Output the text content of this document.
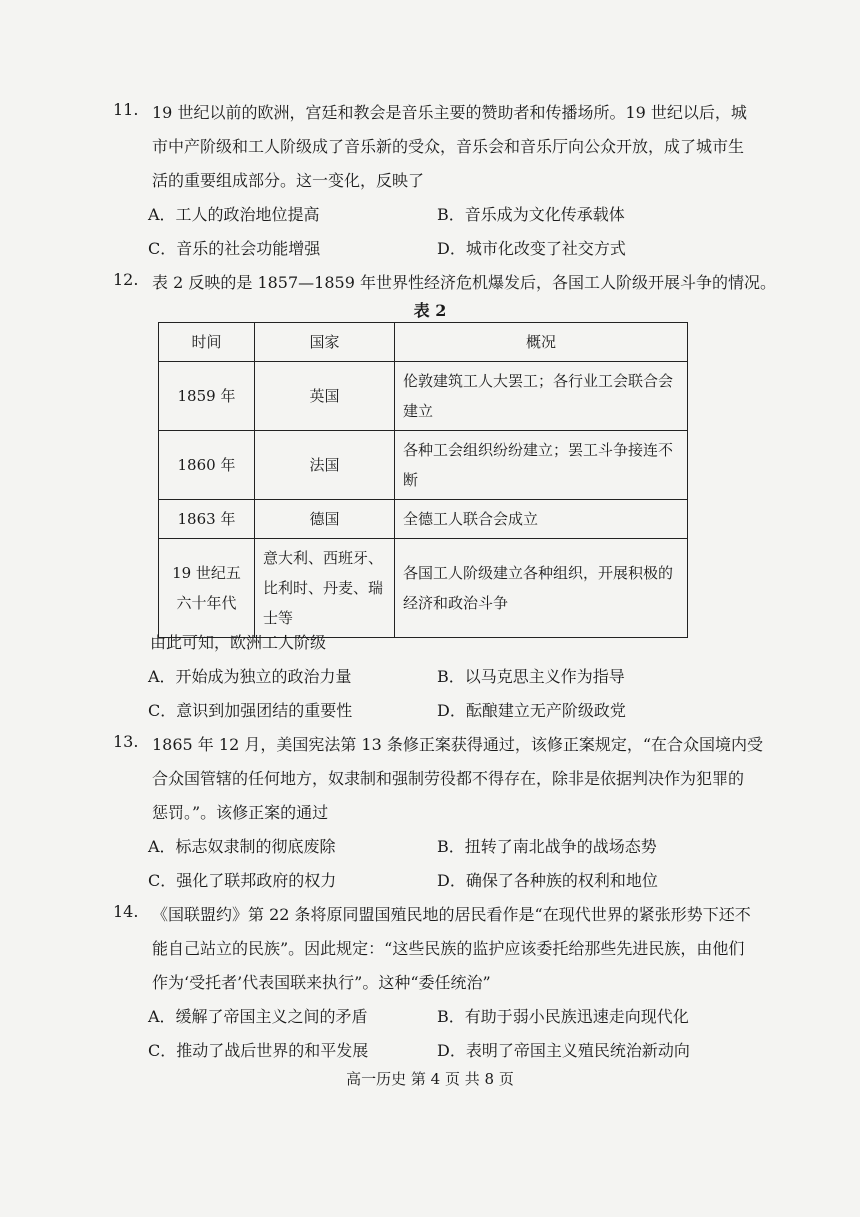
11. 19 世纪以前的欧洲，宫廷和教会是音乐主要的赞助者和传播场所。19 世纪以后，城
市中产阶级和工人阶级成了音乐新的受众，音乐会和音乐厅向公众开放，成了城市生
活的重要组成部分。这一变化，反映了
A．工人的政治地位提高	B．音乐成为文化传承载体
C．音乐的社会功能增强	D．城市化改变了社交方式
12. 表 2 反映的是 1857—1859 年世界性经济危机爆发后，各国工人阶级开展斗争的情况。
表 2
时间	国家	概况
1859 年	英国	伦敦建筑工人大罢工；各行业工会联合会建立
1860 年	法国	各种工会组织纷纷建立；罢工斗争接连不断
1863 年	德国	全德工人联合会成立
19 世纪五六十年代	意大利、西班牙、比利时、丹麦、瑞士等	各国工人阶级建立各种组织，开展积极的经济和政治斗争
由此可知，欧洲工人阶级
A．开始成为独立的政治力量	B．以马克思主义作为指导
C．意识到加强团结的重要性	D．酝酿建立无产阶级政党
13. 1865 年 12 月，美国宪法第 13 条修正案获得通过，该修正案规定，“在合众国境内受
合众国管辖的任何地方，奴隶制和强制劳役都不得存在，除非是依据判决作为犯罪的
惩罚。”。该修正案的通过
A．标志奴隶制的彻底废除	B．扭转了南北战争的战场态势
C．强化了联邦政府的权力	D．确保了各种族的权利和地位
14. 《国联盟约》第 22 条将原同盟国殖民地的居民看作是“在现代世界的紧张形势下还不
能自己站立的民族”。因此规定：“这些民族的监护应该委托给那些先进民族，由他们
作为‘受托者’代表国联来执行”。这种“委任统治”
A．缓解了帝国主义之间的矛盾	B．有助于弱小民族迅速走向现代化
C．推动了战后世界的和平发展	D．表明了帝国主义殖民统治新动向
高一历史 第 4 页 共 8 页
